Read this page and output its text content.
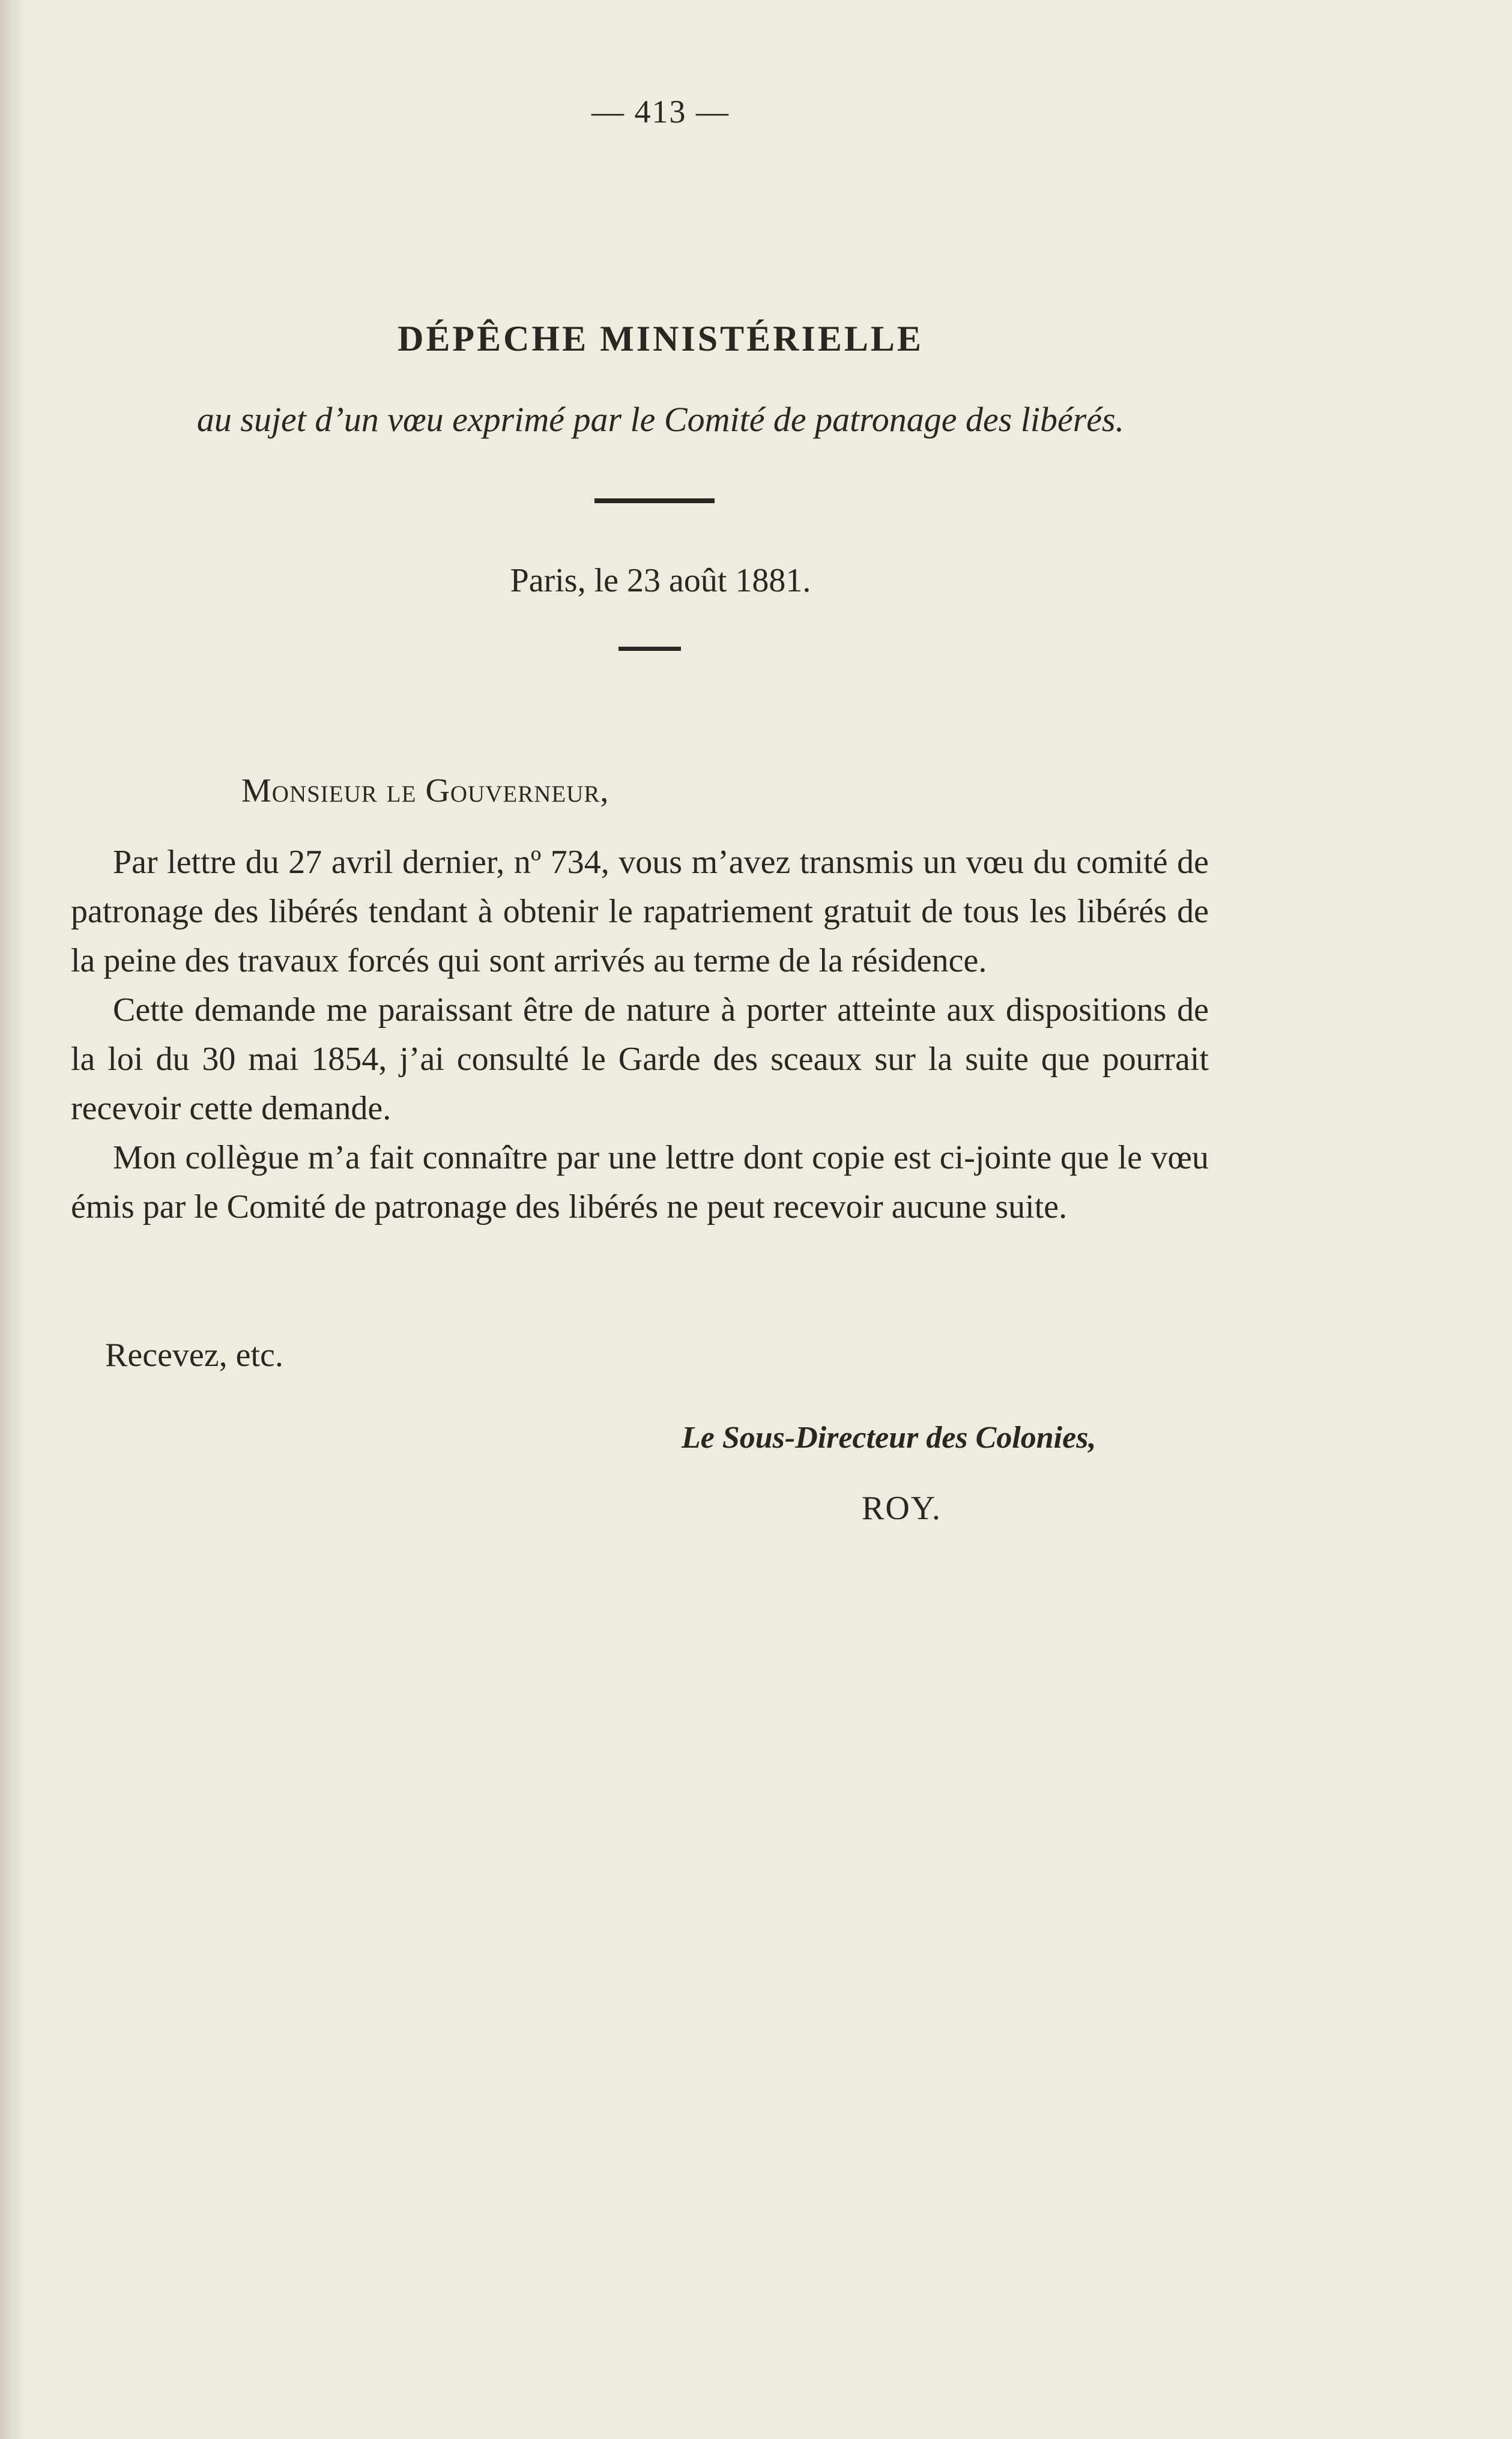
— 413 —
DÉPÊCHE MINISTÉRIELLE
au sujet d’un vœu exprimé par le Comité de patronage des libérés.
Paris, le 23 août 1881.
Monsieur le Gouverneur,

Par lettre du 27 avril dernier, nº 734, vous m’avez transmis un vœu du comité de patronage des libérés tendant à obtenir le rapatriement gratuit de tous les libérés de la peine des travaux forcés qui sont arrivés au terme de la résidence.

Cette demande me paraissant être de nature à porter atteinte aux dispositions de la loi du 30 mai 1854, j’ai consulté le Garde des sceaux sur la suite que pourrait recevoir cette demande.

Mon collègue m’a fait connaître par une lettre dont copie est ci-jointe que le vœu émis par le Comité de patronage des libérés ne peut recevoir aucune suite.

Recevez, etc.
Le Sous-Directeur des Colonies,
ROY.
